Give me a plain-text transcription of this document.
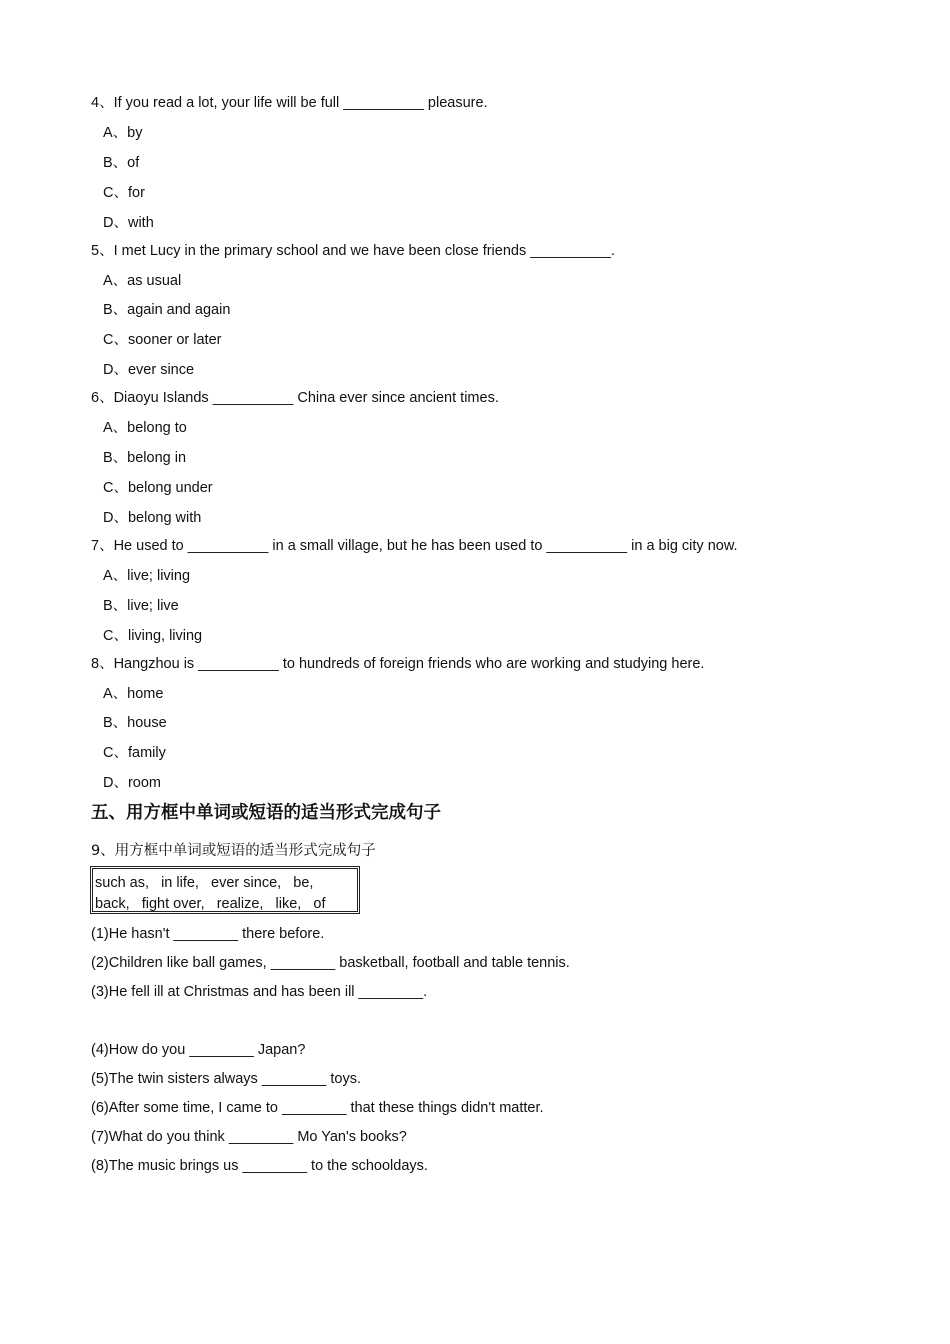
4、If you read a lot, your life will be full __________ pleasure.
A、by
B、of
C、for
D、with
5、I met Lucy in the primary school and we have been close friends __________.
A、as usual
B、again and again
C、sooner or later
D、ever since
6、Diaoyu Islands __________ China ever since ancient times.
A、belong to
B、belong in
C、belong under
D、belong with
7、He used to __________ in a small village, but he has been used to __________ in a big city now.
A、live; living
B、live; live
C、living, living
8、Hangzhou is __________ to hundreds of foreign friends who are working and studying here.
A、home
B、house
C、family
D、room
五、用方框中单词或短语的适当形式完成句子
9、用方框中单词或短语的适当形式完成句子
such as,   in life,   ever since,   be,
back,   fight over,   realize,   like,   of
(1)He hasn't ________ there before.
(2)Children like ball games, ________ basketball, football and table tennis.
(3)He fell ill at Christmas and has been ill ________.
(4)How do you ________ Japan?
(5)The twin sisters always ________ toys.
(6)After some time, I came to ________ that these things didn't matter.
(7)What do you think ________ Mo Yan's books?
(8)The music brings us ________ to the schooldays.
